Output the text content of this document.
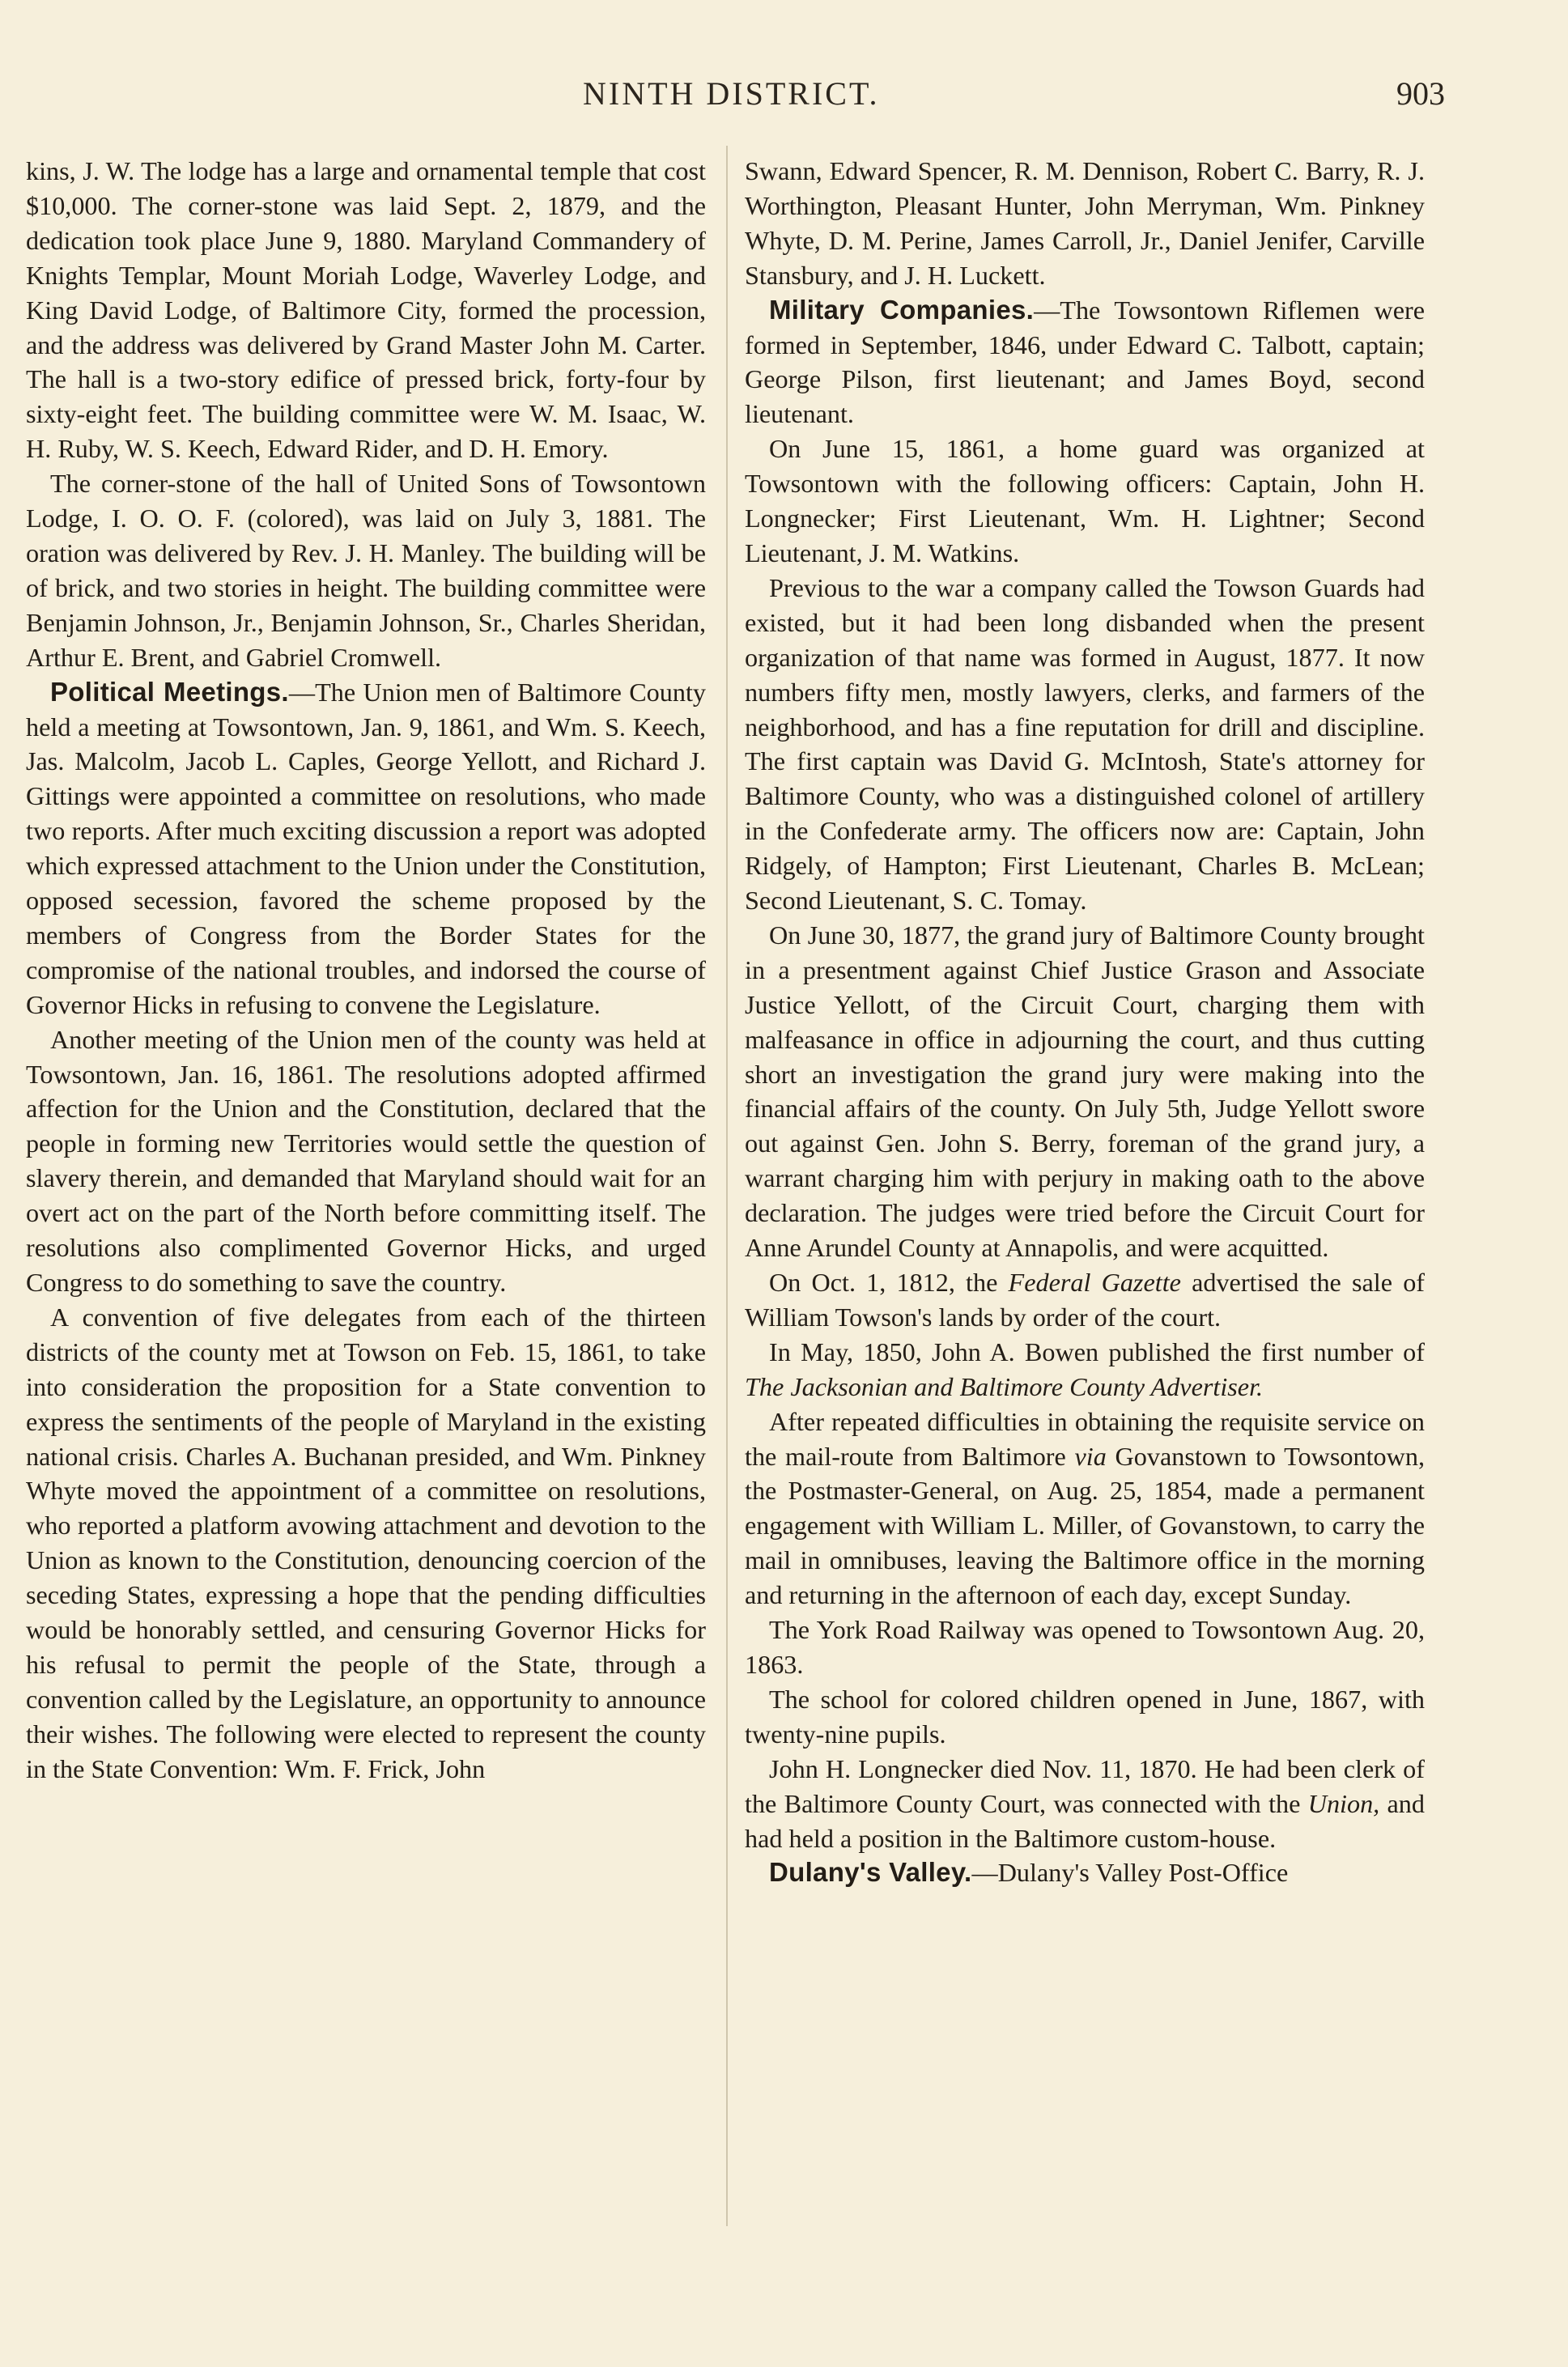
NINTH DISTRICT.	903

kins, J. W. The lodge has a large and ornamental temple that cost $10,000. The corner-stone was laid Sept. 2, 1879, and the dedication took place June 9, 1880. Maryland Commandery of Knights Templar, Mount Moriah Lodge, Waverley Lodge, and King David Lodge, of Baltimore City, formed the procession, and the address was delivered by Grand Master John M. Carter. The hall is a two-story edifice of pressed brick, forty-four by sixty-eight feet. The building committee were W. M. Isaac, W. H. Ruby, W. S. Keech, Edward Rider, and D. H. Emory.

The corner-stone of the hall of United Sons of Towsontown Lodge, I. O. O. F. (colored), was laid on July 3, 1881. The oration was delivered by Rev. J. H. Manley. The building will be of brick, and two stories in height. The building committee were Benjamin Johnson, Jr., Benjamin Johnson, Sr., Charles Sheridan, Arthur E. Brent, and Gabriel Cromwell.

Political Meetings.—The Union men of Baltimore County held a meeting at Towsontown, Jan. 9, 1861, and Wm. S. Keech, Jas. Malcolm, Jacob L. Caples, George Yellott, and Richard J. Gittings were appointed a committee on resolutions, who made two reports. After much exciting discussion a report was adopted which expressed attachment to the Union under the Constitution, opposed secession, favored the scheme proposed by the members of Congress from the Border States for the compromise of the national troubles, and indorsed the course of Governor Hicks in refusing to convene the Legislature.

Another meeting of the Union men of the county was held at Towsontown, Jan. 16, 1861. The resolutions adopted affirmed affection for the Union and the Constitution, declared that the people in forming new Territories would settle the question of slavery therein, and demanded that Maryland should wait for an overt act on the part of the North before committing itself. The resolutions also complimented Governor Hicks, and urged Congress to do something to save the country.

A convention of five delegates from each of the thirteen districts of the county met at Towson on Feb. 15, 1861, to take into consideration the proposition for a State convention to express the sentiments of the people of Maryland in the existing national crisis. Charles A. Buchanan presided, and Wm. Pinkney Whyte moved the appointment of a committee on resolutions, who reported a platform avowing attachment and devotion to the Union as known to the Constitution, denouncing coercion of the seceding States, expressing a hope that the pending difficulties would be honorably settled, and censuring Governor Hicks for his refusal to permit the people of the State, through a convention called by the Legislature, an opportunity to announce their wishes. The following were elected to represent the county in the State Convention: Wm. F. Frick, John

Swann, Edward Spencer, R. M. Dennison, Robert C. Barry, R. J. Worthington, Pleasant Hunter, John Merryman, Wm. Pinkney Whyte, D. M. Perine, James Carroll, Jr., Daniel Jenifer, Carville Stansbury, and J. H. Luckett.

Military Companies.—The Towsontown Riflemen were formed in September, 1846, under Edward C. Talbott, captain; George Pilson, first lieutenant; and James Boyd, second lieutenant.

On June 15, 1861, a home guard was organized at Towsontown with the following officers: Captain, John H. Longnecker; First Lieutenant, Wm. H. Lightner; Second Lieutenant, J. M. Watkins.

Previous to the war a company called the Towson Guards had existed, but it had been long disbanded when the present organization of that name was formed in August, 1877. It now numbers fifty men, mostly lawyers, clerks, and farmers of the neighborhood, and has a fine reputation for drill and discipline. The first captain was David G. McIntosh, State's attorney for Baltimore County, who was a distinguished colonel of artillery in the Confederate army. The officers now are: Captain, John Ridgely, of Hampton; First Lieutenant, Charles B. McLean; Second Lieutenant, S. C. Tomay.

On June 30, 1877, the grand jury of Baltimore County brought in a presentment against Chief Justice Grason and Associate Justice Yellott, of the Circuit Court, charging them with malfeasance in office in adjourning the court, and thus cutting short an investigation the grand jury were making into the financial affairs of the county. On July 5th, Judge Yellott swore out against Gen. John S. Berry, foreman of the grand jury, a warrant charging him with perjury in making oath to the above declaration. The judges were tried before the Circuit Court for Anne Arundel County at Annapolis, and were acquitted.

On Oct. 1, 1812, the Federal Gazette advertised the sale of William Towson's lands by order of the court.

In May, 1850, John A. Bowen published the first number of The Jacksonian and Baltimore County Advertiser.

After repeated difficulties in obtaining the requisite service on the mail-route from Baltimore via Govanstown to Towsontown, the Postmaster-General, on Aug. 25, 1854, made a permanent engagement with William L. Miller, of Govanstown, to carry the mail in omnibuses, leaving the Baltimore office in the morning and returning in the afternoon of each day, except Sunday.

The York Road Railway was opened to Towsontown Aug. 20, 1863.

The school for colored children opened in June, 1867, with twenty-nine pupils.

John H. Longnecker died Nov. 11, 1870. He had been clerk of the Baltimore County Court, was connected with the Union, and had held a position in the Baltimore custom-house.

Dulany's Valley.—Dulany's Valley Post-Office
